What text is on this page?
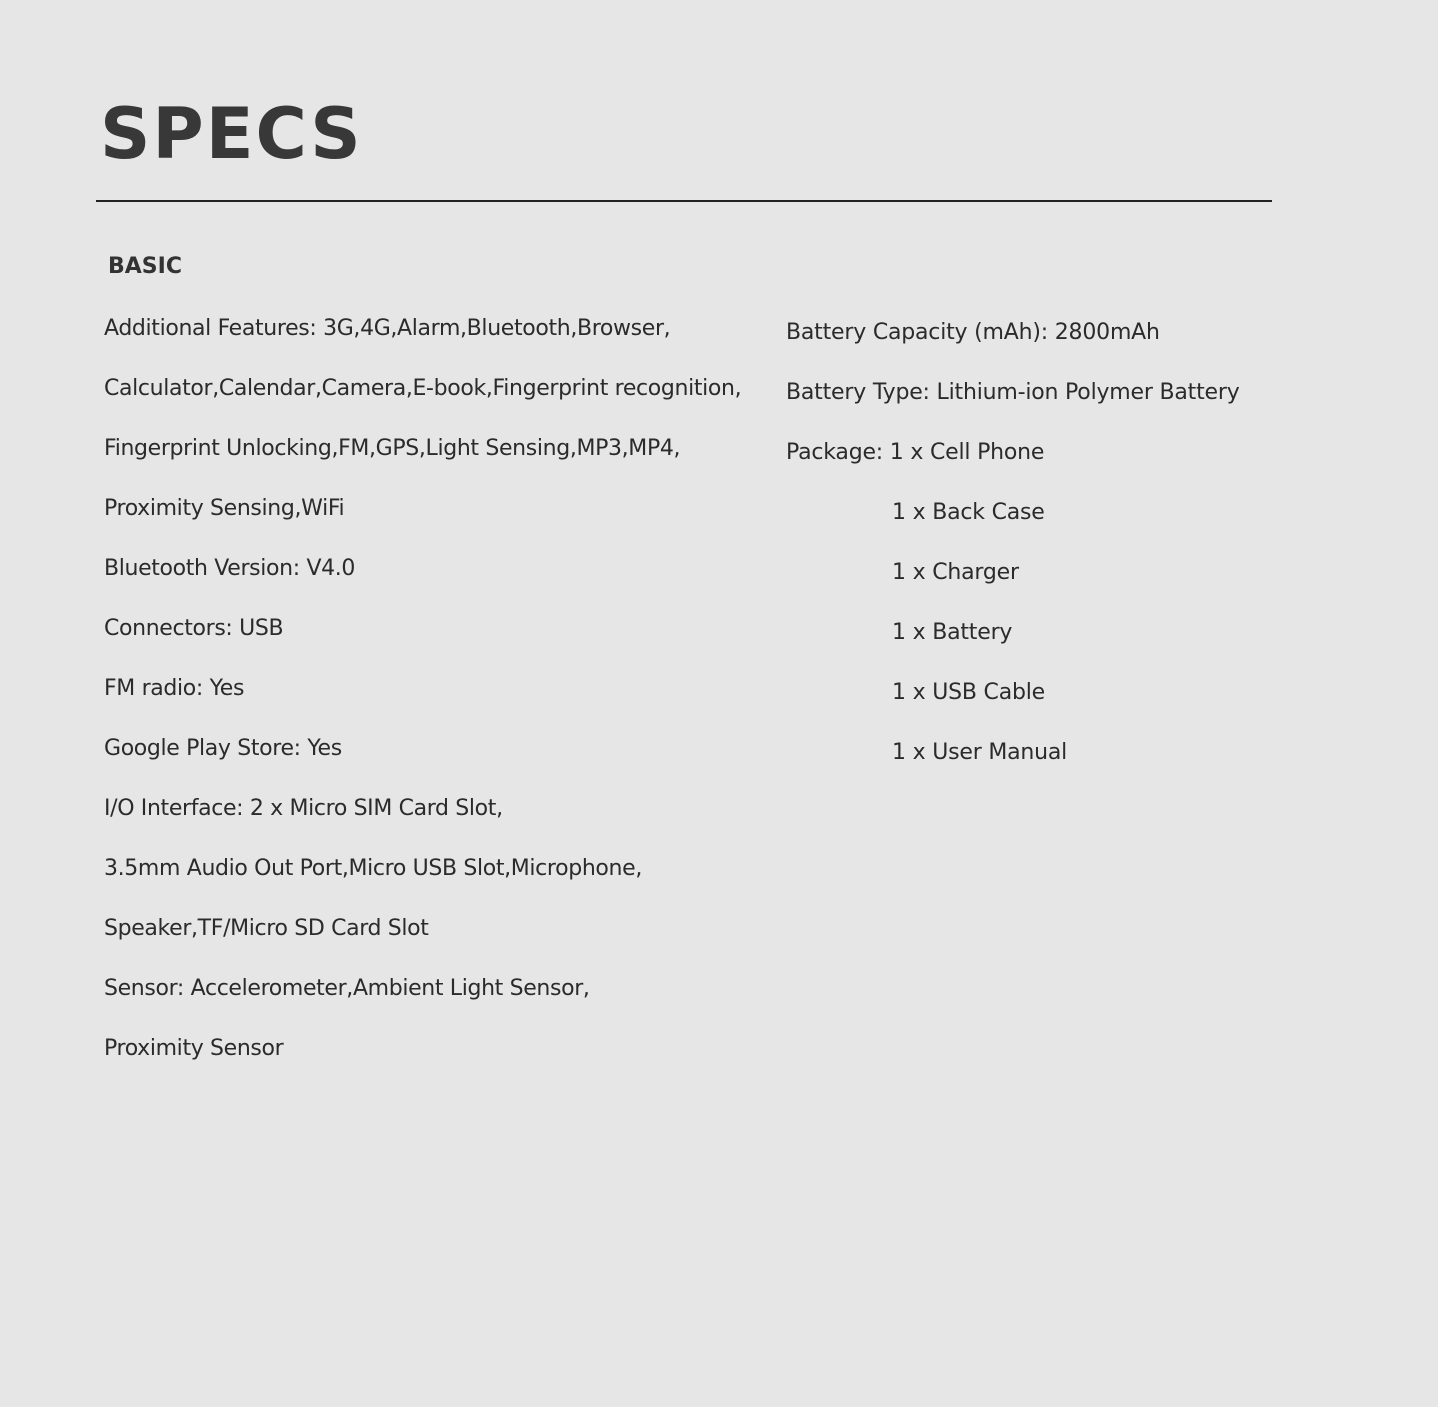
SPECS
BASIC
Additional Features: 3G,4G,Alarm,Bluetooth,Browser,
Calculator,Calendar,Camera,E-book,Fingerprint recognition,
Fingerprint Unlocking,FM,GPS,Light Sensing,MP3,MP4,
Proximity Sensing,WiFi
Bluetooth Version: V4.0
Connectors: USB
FM radio: Yes
Google Play Store: Yes
I/O Interface: 2 x Micro SIM Card Slot,
3.5mm Audio Out Port,Micro USB Slot,Microphone,
Speaker,TF/Micro SD Card Slot
Sensor: Accelerometer,Ambient Light Sensor,
Proximity Sensor
Battery Capacity (mAh): 2800mAh
Battery Type: Lithium-ion Polymer Battery
Package: 1 x Cell Phone
1 x Back Case
1 x Charger
1 x Battery
1 x USB Cable
1 x User Manual
